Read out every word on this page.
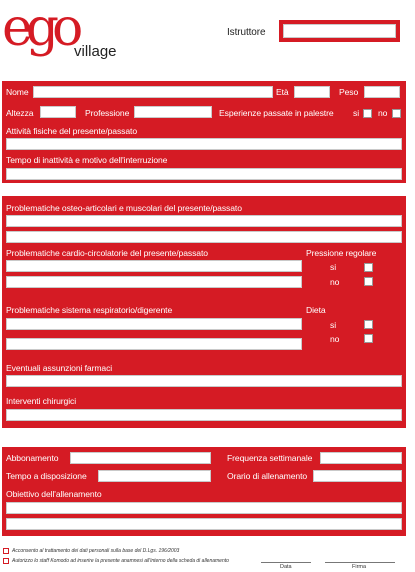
ego
village
Istruttore
Nome	Età	Peso
Altezza	Professione	Esperienze passate in palestre si no
Attività fisiche del presente/passato
Tempo di inattività e motivo dell'interruzione
Problematiche osteo-articolari e muscolari del presente/passato
Problematiche cardio-circolatorie del presente/passato	Pressione regolare
si
no
Problematiche sistema respiratorio/digerente	Dieta
si
no
Eventuali assunzioni farmaci
Interventi chirurgici
Abbonamento	Frequenza settimanale
Tempo a disposizione	Orario di allenamento
Obiettivo dell'allenamento
Acconsento al trattamento dei dati personali sulla base del D.Lgs. 196/2003
Autorizzo lo staff Komodo ad inserire la presente anamnesi all'interno della scheda di allenamento
Data	Firma
